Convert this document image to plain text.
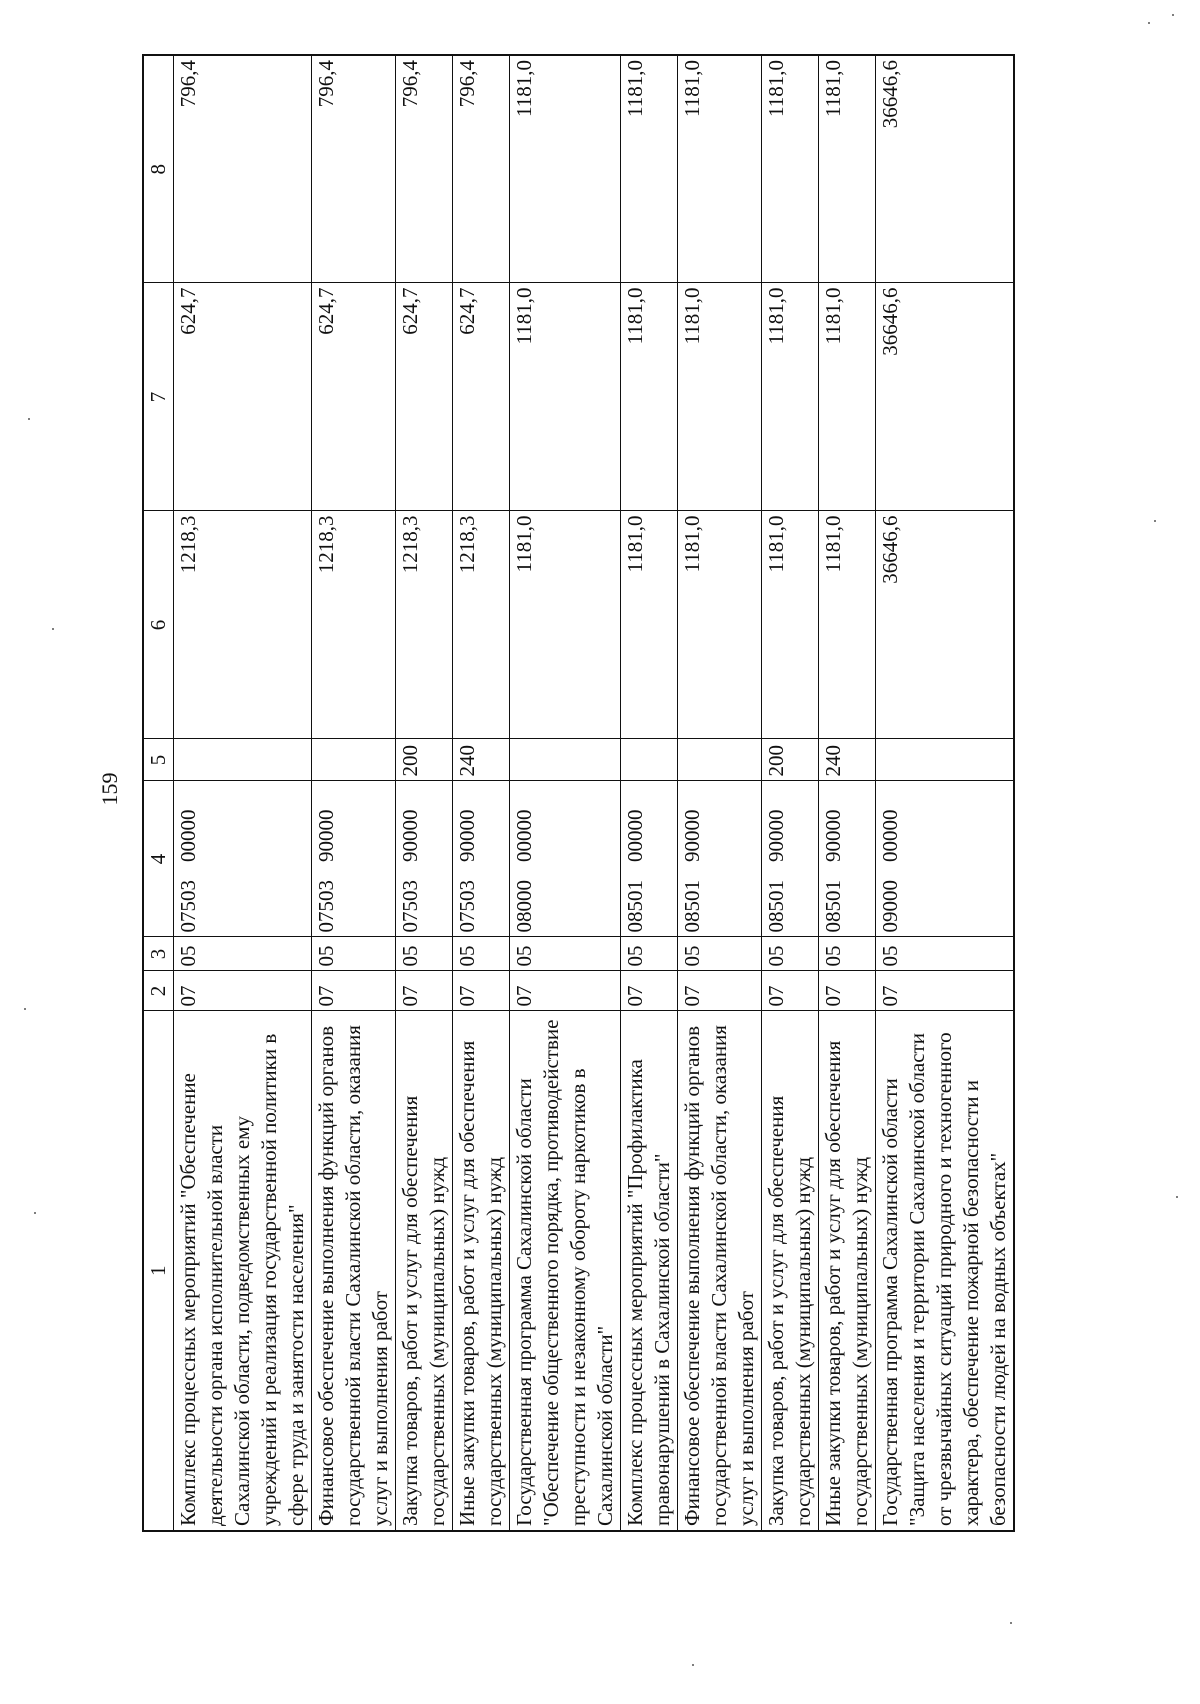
159
1	2	3	4	5	6	7	8
Комплекс процессных мероприятий "Обеспечение деятельности органа исполнительной власти Сахалинской области, подведомственных ему учреждений и реализация государственной политики в сфере труда и занятости населения"	07	05	0750300000		1218,3	624,7	796,4
Финансовое обеспечение выполнения функций органов государственной власти Сахалинской области, оказания услуг и выполнения работ	07	05	0750390000		1218,3	624,7	796,4
Закупка товаров, работ и услуг для обеспечения государственных (муниципальных) нужд	07	05	0750390000	200	1218,3	624,7	796,4
Иные закупки товаров, работ и услуг для обеспечения государственных (муниципальных) нужд	07	05	0750390000	240	1218,3	624,7	796,4
Государственная программа Сахалинской области "Обеспечение общественного порядка, противодействие преступности и незаконному обороту наркотиков в Сахалинской области"	07	05	0800000000		1181,0	1181,0	1181,0
Комплекс процессных мероприятий "Профилактика правонарушений в Сахалинской области"	07	05	0850100000		1181,0	1181,0	1181,0
Финансовое обеспечение выполнения функций органов государственной власти Сахалинской области, оказания услуг и выполнения работ	07	05	0850190000		1181,0	1181,0	1181,0
Закупка товаров, работ и услуг для обеспечения государственных (муниципальных) нужд	07	05	0850190000	200	1181,0	1181,0	1181,0
Иные закупки товаров, работ и услуг для обеспечения государственных (муниципальных) нужд	07	05	0850190000	240	1181,0	1181,0	1181,0
Государственная программа Сахалинской области "Защита населения и территории Сахалинской области от чрезвычайных ситуаций природного и техногенного характера, обеспечение пожарной безопасности и безопасности людей на водных объектах"	07	05	0900000000		36646,6	36646,6	36646,6
